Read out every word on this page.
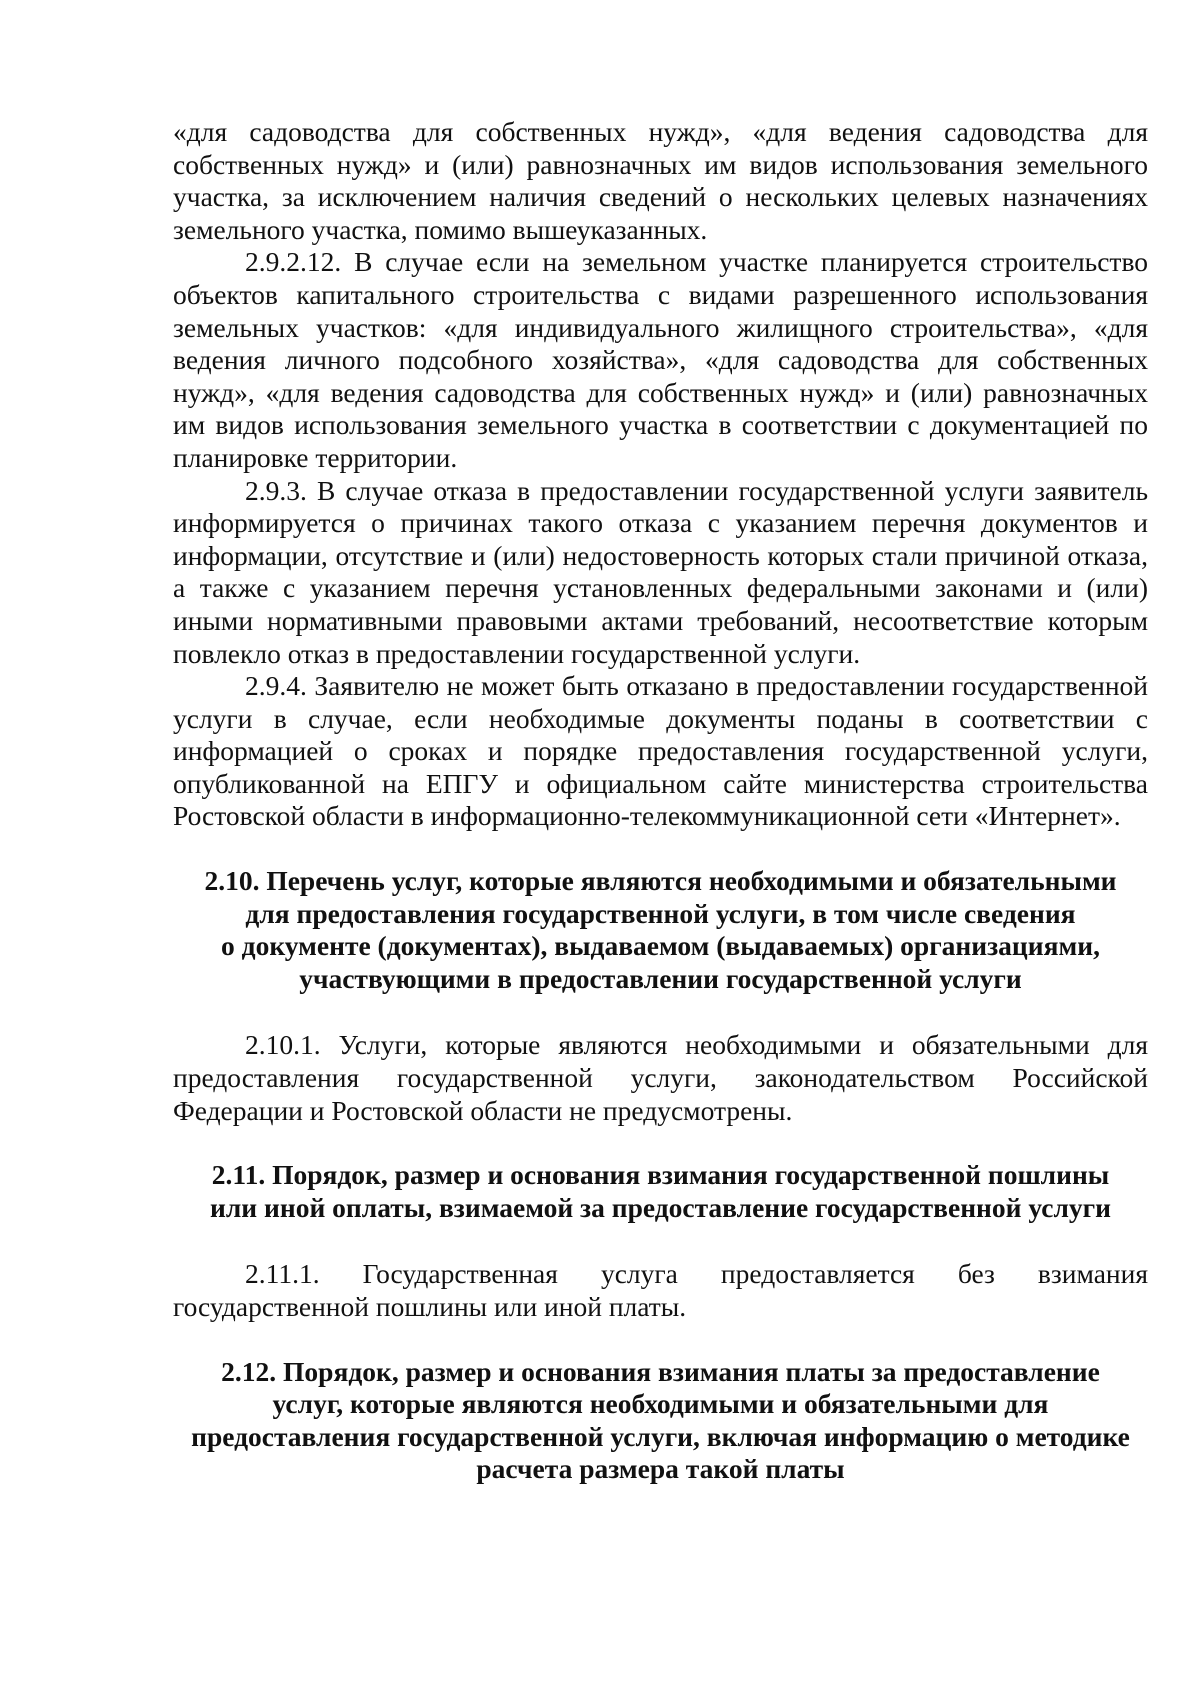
«для садоводства для собственных нужд», «для ведения садоводства для собственных нужд» и (или) равнозначных им видов использования земельного участка, за исключением наличия сведений о нескольких целевых назначениях земельного участка, помимо вышеуказанных.

2.9.2.12. В случае если на земельном участке планируется строительство объектов капитального строительства с видами разрешенного использования земельных участков: «для индивидуального жилищного строительства», «для ведения личного подсобного хозяйства», «для садоводства для собственных нужд», «для ведения садоводства для собственных нужд» и (или) равнозначных им видов использования земельного участка в соответствии с документацией по планировке территории.

2.9.3. В случае отказа в предоставлении государственной услуги заявитель информируется о причинах такого отказа с указанием перечня документов и информации, отсутствие и (или) недостоверность которых стали причиной отказа, а также с указанием перечня установленных федеральными законами и (или) иными нормативными правовыми актами требований, несоответствие которым повлекло отказ в предоставлении государственной услуги.

2.9.4. Заявителю не может быть отказано в предоставлении государственной услуги в случае, если необходимые документы поданы в соответствии с информацией о сроках и порядке предоставления государственной услуги, опубликованной на ЕПГУ и официальном сайте министерства строительства Ростовской области в информационно-телекоммуникационной сети «Интернет».

2.10. Перечень услуг, которые являются необходимыми и обязательными
для предоставления государственной услуги, в том числе сведения
о документе (документах), выдаваемом (выдаваемых) организациями,
участвующими в предоставлении государственной услуги

2.10.1. Услуги, которые являются необходимыми и обязательными для предоставления государственной услуги, законодательством Российской Федерации и Ростовской области не предусмотрены.

2.11. Порядок, размер и основания взимания государственной пошлины
или иной оплаты, взимаемой за предоставление государственной услуги

2.11.1. Государственная услуга предоставляется без взимания государственной пошлины или иной платы.

2.12. Порядок, размер и основания взимания платы за предоставление
услуг, которые являются необходимыми и обязательными для
предоставления государственной услуги, включая информацию о методике
расчета размера такой платы
